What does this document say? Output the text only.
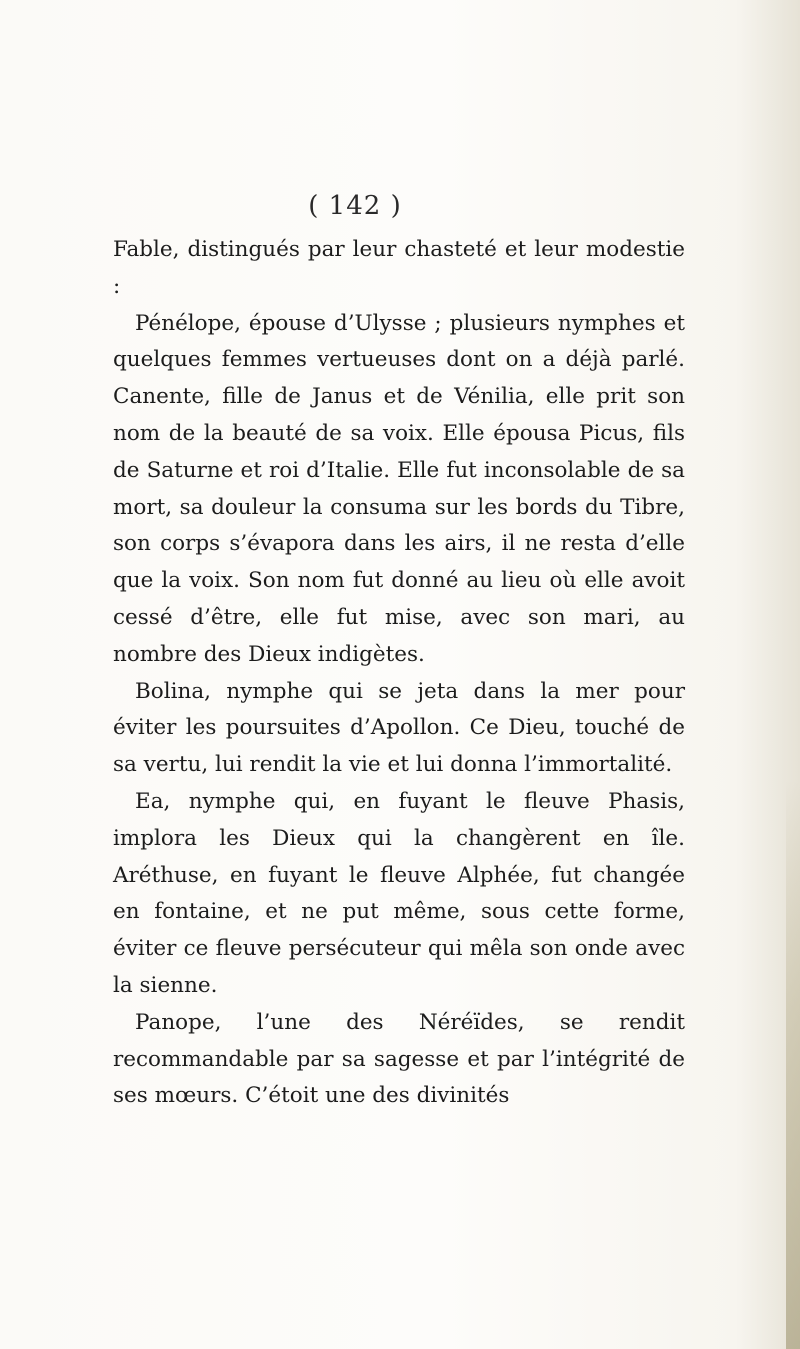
( 142 )

Fable, distingués par leur chasteté et leur modestie :

Pénélope, épouse d’Ulysse ; plusieurs nymphes et quelques femmes vertueuses dont on a déjà parlé. Canente, fille de Janus et de Vénilia, elle prit son nom de la beauté de sa voix. Elle épousa Picus, fils de Saturne et roi d’Italie. Elle fut inconsolable de sa mort, sa douleur la consuma sur les bords du Tibre, son corps s’évapora dans les airs, il ne resta d’elle que la voix. Son nom fut donné au lieu où elle avoit cessé d’être, elle fut mise, avec son mari, au nombre des Dieux indigètes.

Bolina, nymphe qui se jeta dans la mer pour éviter les poursuites d’Apollon. Ce Dieu, touché de sa vertu, lui rendit la vie et lui donna l’immortalité.

Ea, nymphe qui, en fuyant le fleuve Phasis, implora les Dieux qui la changèrent en île. Aréthuse, en fuyant le fleuve Alphée, fut changée en fontaine, et ne put même, sous cette forme, éviter ce fleuve persécuteur qui mêla son onde avec la sienne.

Panope, l’une des Néréïdes, se rendit recommandable par sa sagesse et par l’intégrité de ses mœurs. C’étoit une des divinités
